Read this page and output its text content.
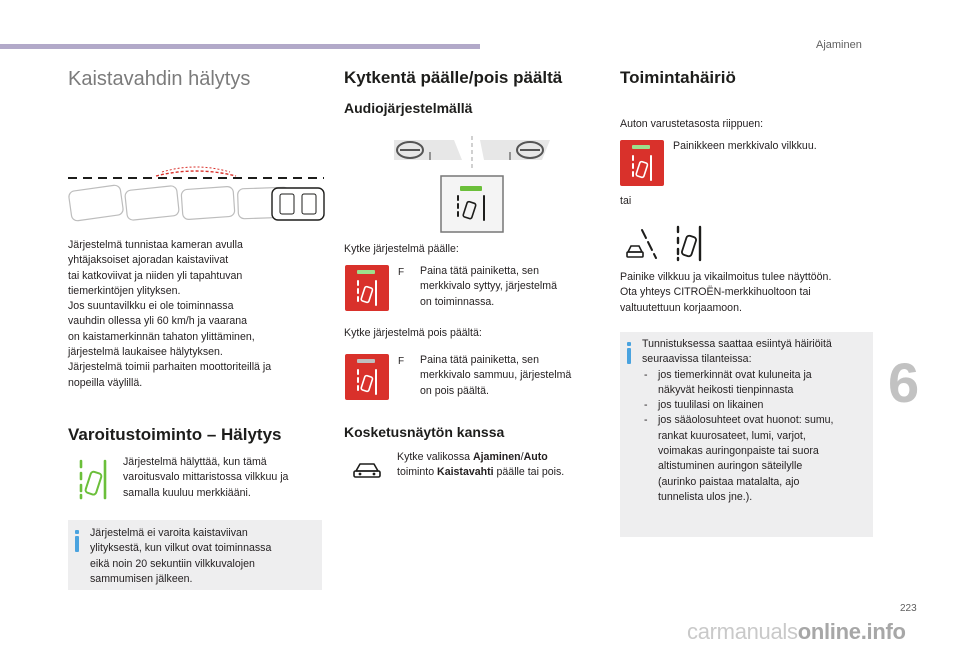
Ajaminen
6
Kaistavahdin hälytys
Järjestelmä tunnistaa kameran avulla
yhtäjaksoiset ajoradan kaistaviivat
tai katkoviivat ja niiden yli tapahtuvan
tiemerkintöjen ylityksen.
Jos suuntavilkku ei ole toiminnassa
vauhdin ollessa yli 60 km/h ja vaarana
on kaistamerkinnän tahaton ylittäminen,
järjestelmä laukaisee hälytyksen.
Järjestelmä toimii parhaiten moottoriteillä ja
nopeilla väylillä.
Varoitustoiminto – Hälytys
Järjestelmä hälyttää, kun tämä
varoitusvalo mittaristossa vilkkuu ja
samalla kuuluu merkkiääni.
Järjestelmä ei varoita kaistaviivan
ylityksestä, kun vilkut ovat toiminnassa
eikä noin 20 sekuntiin vilkkuvalojen
sammumisen jälkeen.
Kytkentä päälle/pois päältä
Audiojärjestelmällä
Kytke järjestelmä päälle:
F Paina tätä painiketta, sen
merkkivalo syttyy, järjestelmä
on toiminnassa.
Kytke järjestelmä pois päältä:
F Paina tätä painiketta, sen
merkkivalo sammuu, järjestelmä
on pois päältä.
Kosketusnäytön kanssa
Kytke valikossa Ajaminen/Auto
toiminto Kaistavahti päälle tai pois.
Toimintahäiriö
Auton varustetasosta riippuen:
Painikkeen merkkivalo vilkkuu.
tai
Painike vilkkuu ja vikailmoitus tulee näyttöön.
Ota yhteys CITROËN-merkkihuoltoon tai
valtuutettuun korjaamoon.
Tunnistuksessa saattaa esiintyä häiriöitä
seuraavissa tilanteissa:
- jos tiemerkinnät ovat kuluneita ja
näkyvät heikosti tienpinnasta
- jos tuulilasi on likainen
- jos sääolosuhteet ovat huonot: sumu,
rankat kuurosateet, lumi, varjot,
voimakas auringonpaiste tai suora
altistuminen auringon säteilylle
(aurinko paistaa matalalta, ajo
tunnelista ulos jne.).
223
carmanualsonline.info
